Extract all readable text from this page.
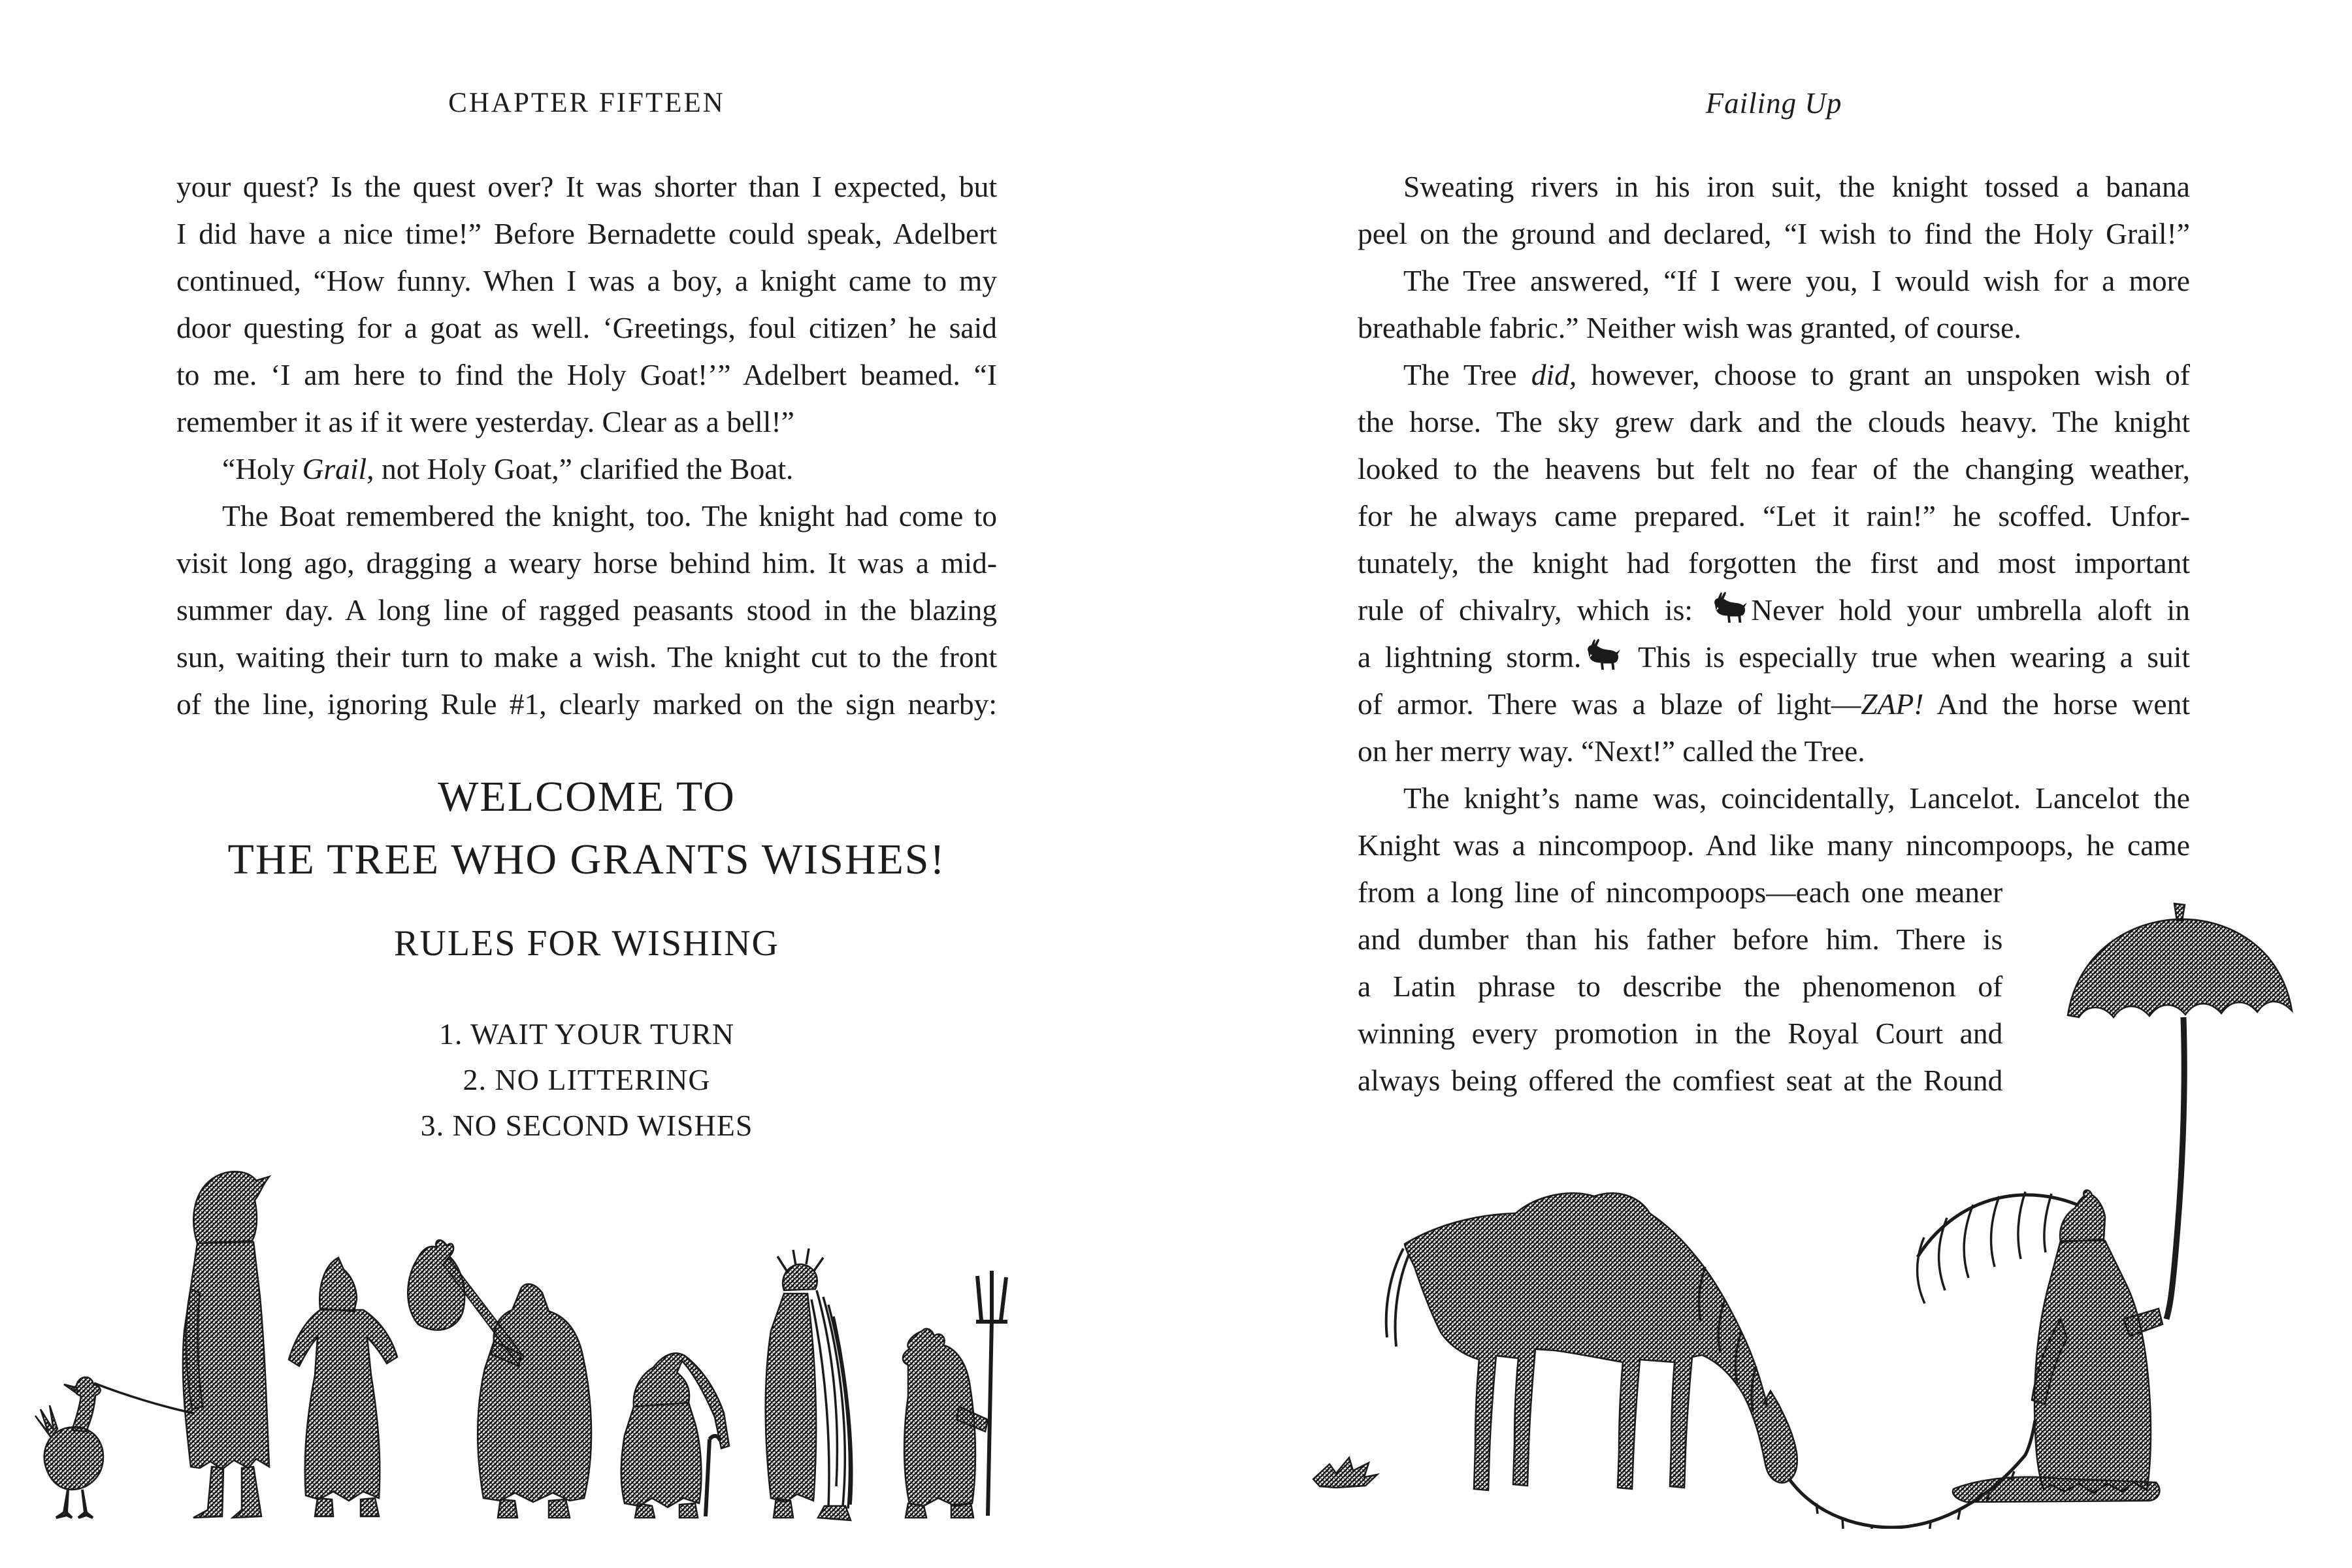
CHAPTER FIFTEEN
your quest? Is the quest over? It was shorter than I expected, but
I did have a nice time!” Before Bernadette could speak, Adelbert
continued, “How funny. When I was a boy, a knight came to my
door questing for a goat as well. ‘Greetings, foul citizen’ he said
to me. ‘I am here to find the Holy Goat!’” Adelbert beamed. “I
remember it as if it were yesterday. Clear as a bell!”
“Holy Grail, not Holy Goat,” clarified the Boat.
The Boat remembered the knight, too. The knight had come to
visit long ago, dragging a weary horse behind him. It was a mid-
summer day. A long line of ragged peasants stood in the blazing
sun, waiting their turn to make a wish. The knight cut to the front
of the line, ignoring Rule #1, clearly marked on the sign nearby:
WELCOME TO
THE TREE WHO GRANTS WISHES!
RULES FOR WISHING
1. WAIT YOUR TURN
2. NO LITTERING
3. NO SECOND WISHES
Failing Up
Sweating rivers in his iron suit, the knight tossed a banana
peel on the ground and declared, “I wish to find the Holy Grail!”
The Tree answered, “If I were you, I would wish for a more
breathable fabric.” Neither wish was granted, of course.
The Tree did, however, choose to grant an unspoken wish of
the horse. The sky grew dark and the clouds heavy. The knight
looked to the heavens but felt no fear of the changing weather,
for he always came prepared. “Let it rain!” he scoffed. Unfor-
tunately, the knight had forgotten the first and most important
rule of chivalry, which is: Never hold your umbrella aloft in
a lightning storm. This is especially true when wearing a suit
of armor. There was a blaze of light—ZAP! And the horse went
on her merry way. “Next!” called the Tree.
The knight’s name was, coincidentally, Lancelot. Lancelot the
Knight was a nincompoop. And like many nincompoops, he came
from a long line of nincompoops—each one meaner
and dumber than his father before him. There is
a Latin phrase to describe the phenomenon of
winning every promotion in the Royal Court and
always being offered the comfiest seat at the Round
